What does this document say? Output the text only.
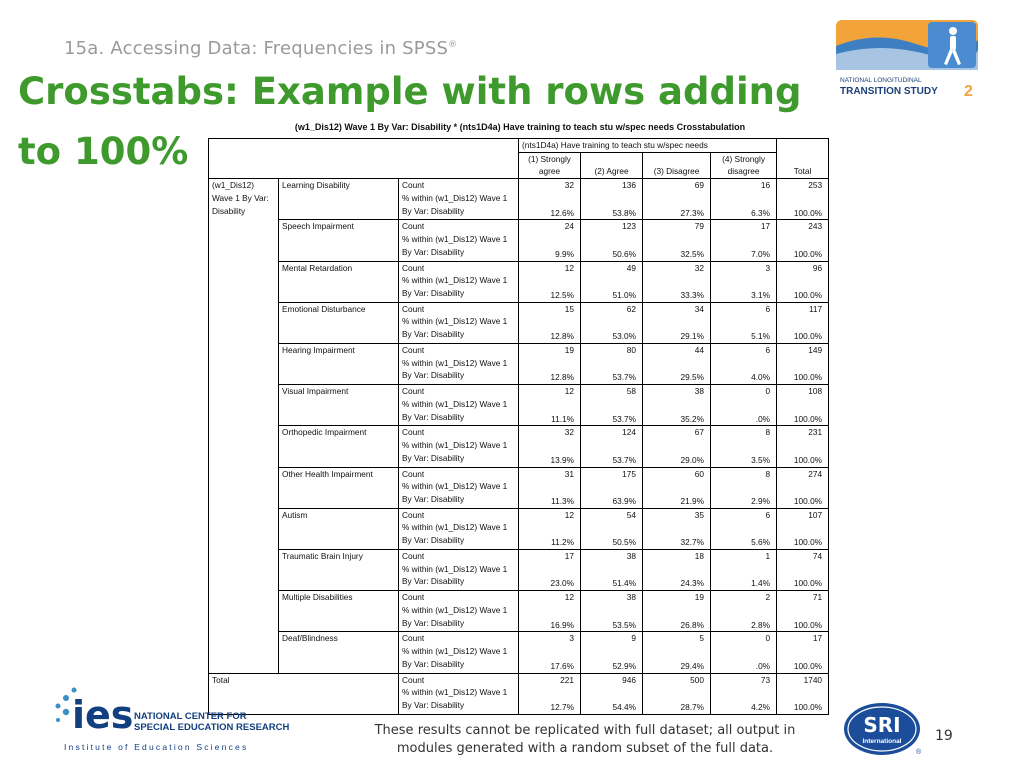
15a. Accessing Data: Frequencies in SPSS®
Crosstabs: Example with rows adding
to 100%
NATIONAL LONGITUDINAL
TRANSITION STUDY 2
(w1_Dis12) Wave 1 By Var: Disability * (nts1D4a) Have training to teach stu w/spec needs Crosstabulation
			(nts1D4a) Have training to teach stu w/spec needs				
			(1) Strongly agree	(2) Agree	(3) Disagree	(4) Strongly disagree	Total
(w1_Dis12) Wave 1 By Var: Disability	Learning Disability	Count	32	136	69	16	253
		% within (w1_Dis12) Wave 1 By Var: Disability	12.6%	53.8%	27.3%	6.3%	100.0%
	Speech Impairment	Count	24	123	79	17	243
		% within (w1_Dis12) Wave 1 By Var: Disability	9.9%	50.6%	32.5%	7.0%	100.0%
	Mental Retardation	Count	12	49	32	3	96
		% within (w1_Dis12) Wave 1 By Var: Disability	12.5%	51.0%	33.3%	3.1%	100.0%
	Emotional Disturbance	Count	15	62	34	6	117
		% within (w1_Dis12) Wave 1 By Var: Disability	12.8%	53.0%	29.1%	5.1%	100.0%
	Hearing Impairment	Count	19	80	44	6	149
		% within (w1_Dis12) Wave 1 By Var: Disability	12.8%	53.7%	29.5%	4.0%	100.0%
	Visual Impairment	Count	12	58	38	0	108
		% within (w1_Dis12) Wave 1 By Var: Disability	11.1%	53.7%	35.2%	.0%	100.0%
	Orthopedic Impairment	Count	32	124	67	8	231
		% within (w1_Dis12) Wave 1 By Var: Disability	13.9%	53.7%	29.0%	3.5%	100.0%
	Other Health Impairment	Count	31	175	60	8	274
		% within (w1_Dis12) Wave 1 By Var: Disability	11.3%	63.9%	21.9%	2.9%	100.0%
	Autism	Count	12	54	35	6	107
		% within (w1_Dis12) Wave 1 By Var: Disability	11.2%	50.5%	32.7%	5.6%	100.0%
	Traumatic Brain Injury	Count	17	38	18	1	74
		% within (w1_Dis12) Wave 1 By Var: Disability	23.0%	51.4%	24.3%	1.4%	100.0%
	Multiple Disabilities	Count	12	38	19	2	71
		% within (w1_Dis12) Wave 1 By Var: Disability	16.9%	53.5%	26.8%	2.8%	100.0%
	Deaf/Blindness	Count	3	9	5	0	17
		% within (w1_Dis12) Wave 1 By Var: Disability	17.6%	52.9%	29.4%	.0%	100.0%
Total		Count	221	946	500	73	1740
		% within (w1_Dis12) Wave 1 By Var: Disability	12.7%	54.4%	28.7%	4.2%	100.0%
ies NATIONAL CENTER FOR
SPECIAL EDUCATION RESEARCH
Institute of Education Sciences
These results cannot be replicated with full dataset; all output in modules generated with a random subset of the full data.
SRI
International
®
19
